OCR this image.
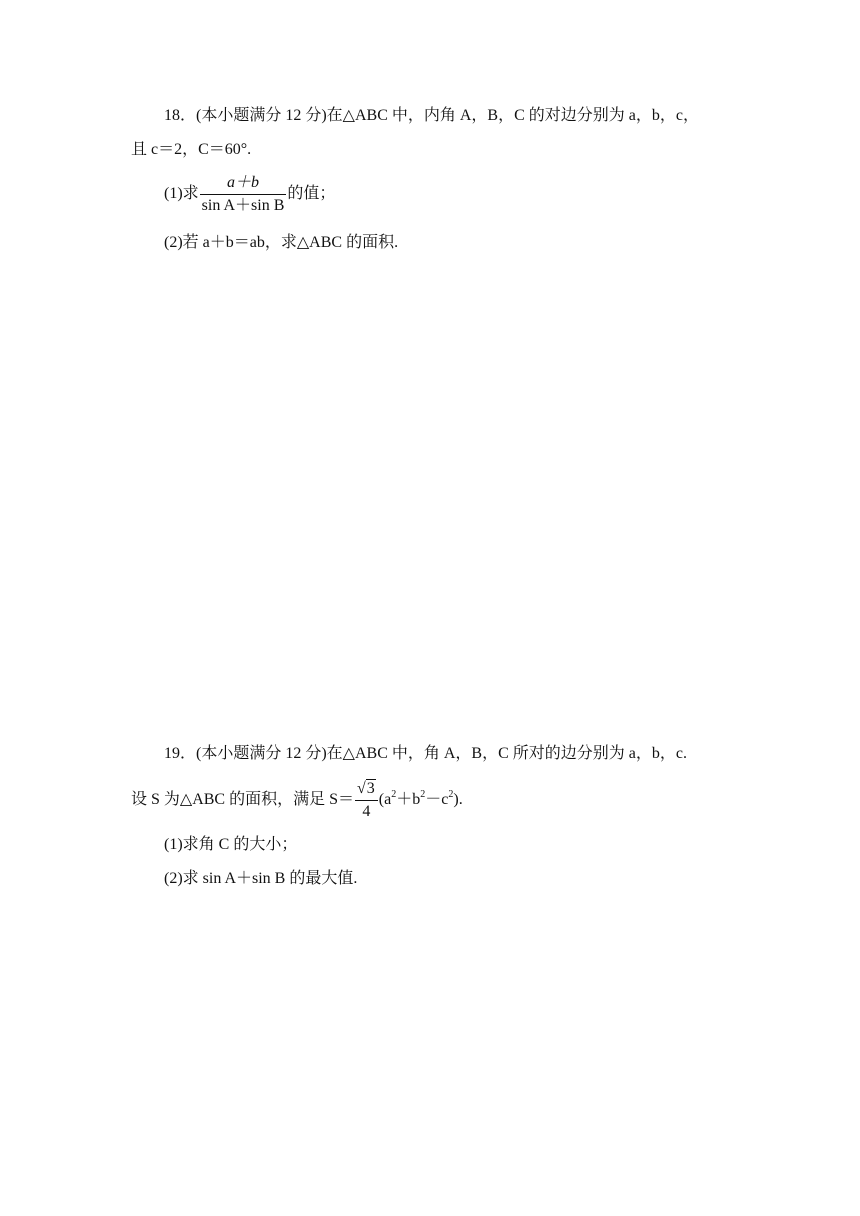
18．(本小题满分 12 分)在△ABC 中，内角 A，B，C 的对边分别为 a，b，c，
且 c＝2，C＝60°.
(1)求 $\frac{a+b}{\text{sin A＋sin B}}$ 的值；
(2)若 a＋b＝ab，求△ABC 的面积.
19．(本小题满分 12 分)在△ABC 中，角 A，B，C 所对的边分别为 a，b，c.
设 S 为△ABC 的面积，满足 $S= \frac{√3}{4} (a^2+b^2-c^2)$.
(1)求角 C 的大小；
(2)求 sin A＋sin B 的最大值.
